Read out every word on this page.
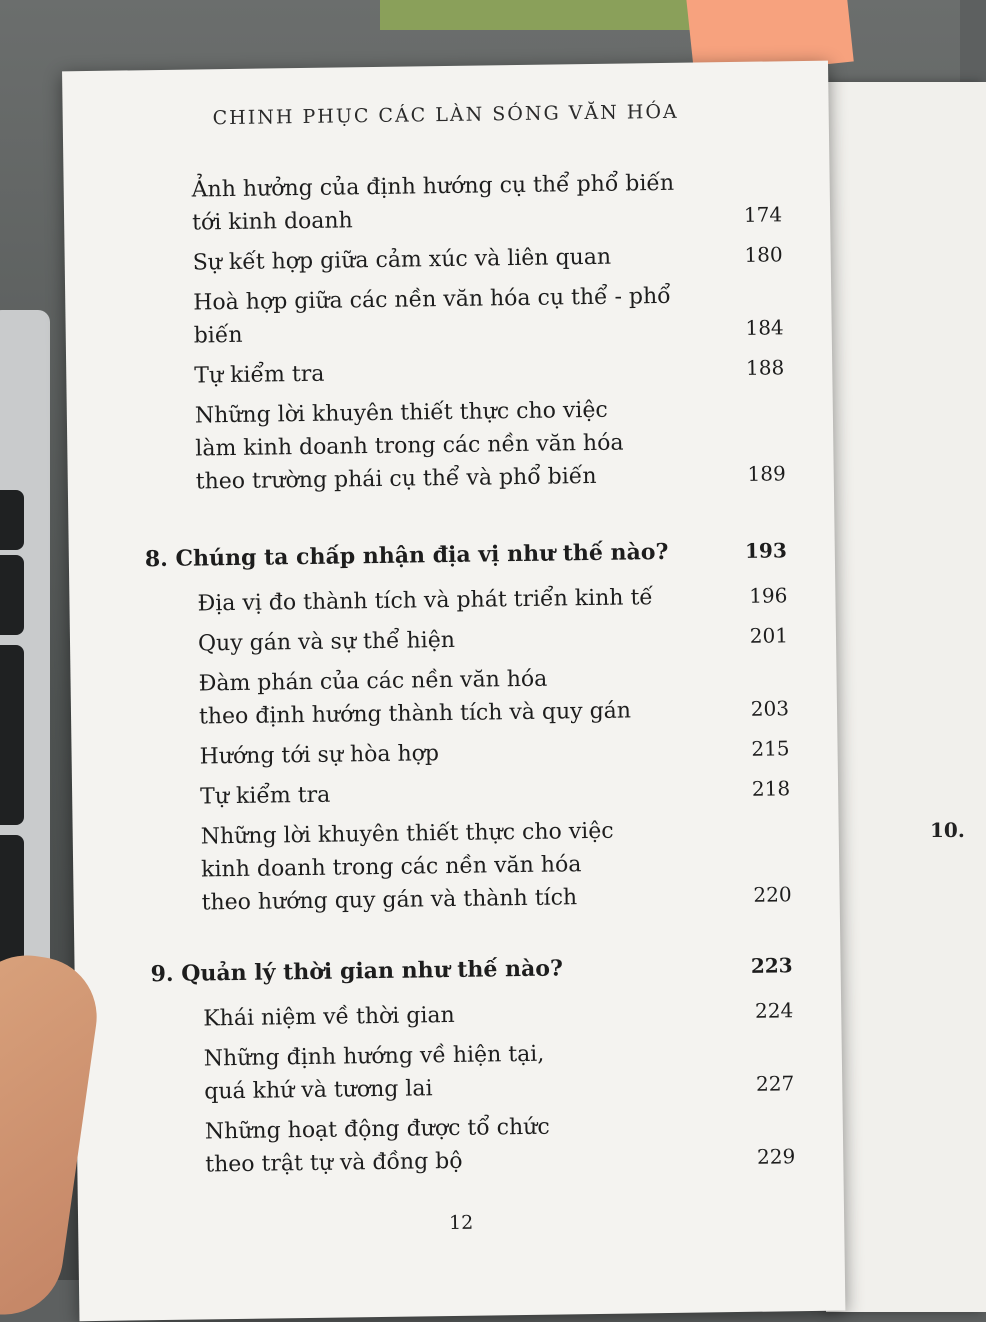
10.
CHINH PHỤC CÁC LÀN SÓNG VĂN HÓA
Ảnh hưởng của định hướng cụ thể phổ biến
tới kinh doanh	174
Sự kết hợp giữa cảm xúc và liên quan	180
Hoà hợp giữa các nền văn hóa cụ thể - phổ biến	184
Tự kiểm tra	188
Những lời khuyên thiết thực cho việc
làm kinh doanh trong các nền văn hóa
theo trường phái cụ thể và phổ biến	189
8. Chúng ta chấp nhận địa vị như thế nào?	193
Địa vị đo thành tích và phát triển kinh tế	196
Quy gán và sự thể hiện	201
Đàm phán của các nền văn hóa
theo định hướng thành tích và quy gán	203
Hướng tới sự hòa hợp	215
Tự kiểm tra	218
Những lời khuyên thiết thực cho việc
kinh doanh trong các nền văn hóa
theo hướng quy gán và thành tích	220
9. Quản lý thời gian như thế nào?	223
Khái niệm về thời gian	224
Những định hướng về hiện tại,
quá khứ và tương lai	227
Những hoạt động được tổ chức
theo trật tự và đồng bộ	229
12
